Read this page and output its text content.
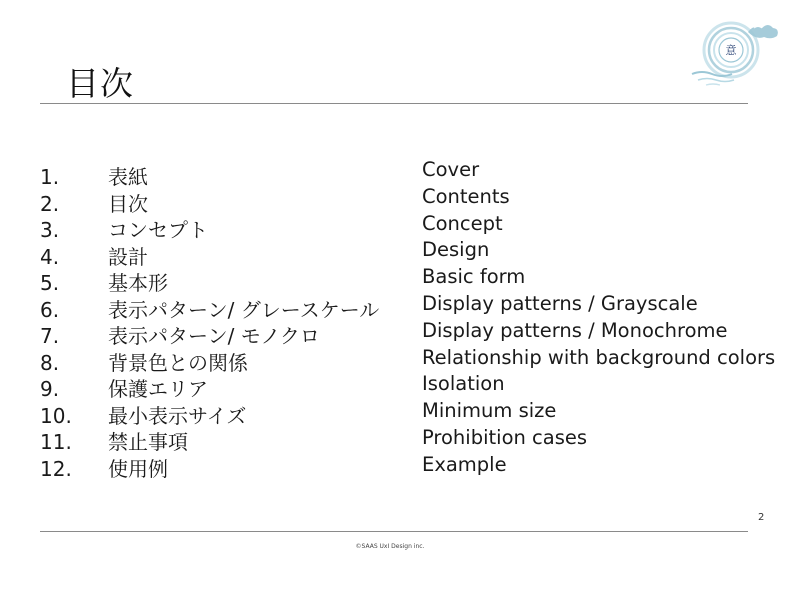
目次
意
1. 表紙
2. 目次
3. コンセプト
4. 設計
5. 基本形
6. 表示パターン/ グレースケール
7. 表示パターン/ モノクロ
8. 背景色との関係
9. 保護エリア
10. 最小表示サイズ
11. 禁止事項
12. 使用例
Cover
Contents
Concept
Design
Basic form
Display patterns / Grayscale
Display patterns / Monochrome
Relationship with background colors
Isolation
Minimum size
Prohibition cases
Example
2
©SAAS UxI Design inc.
